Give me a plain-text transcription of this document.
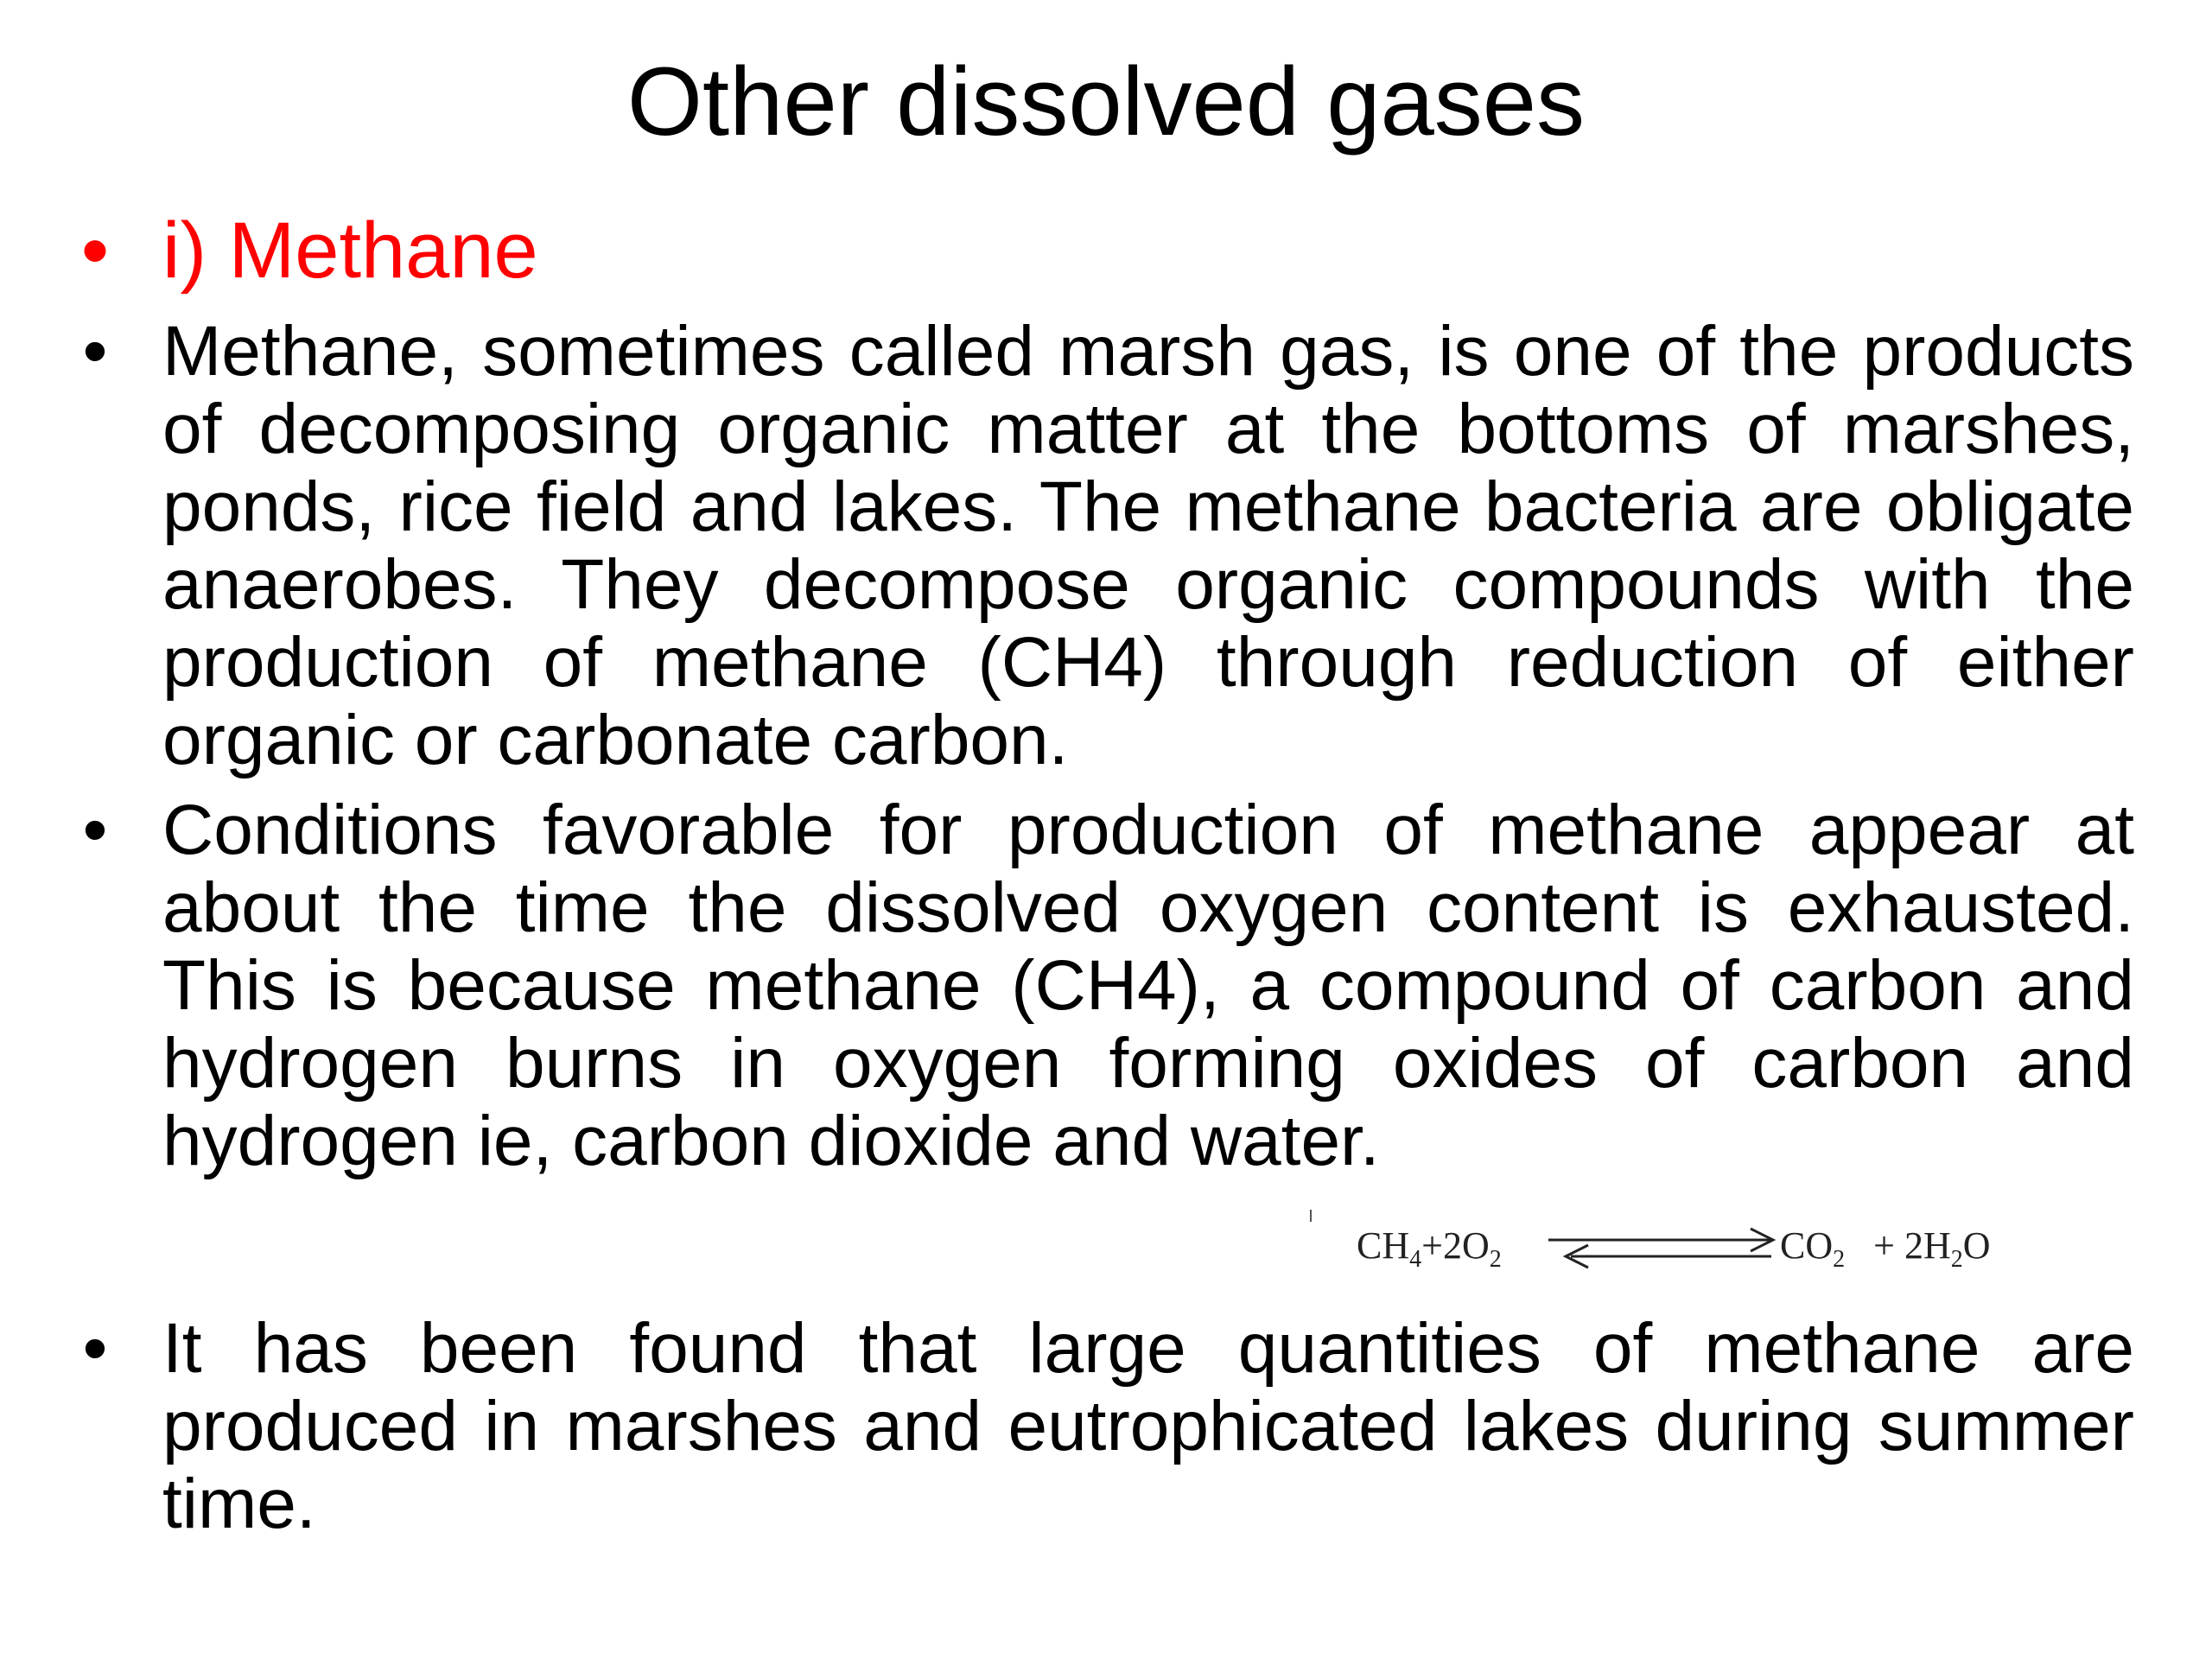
Other dissolved gases
• i) Methane
• Methane, sometimes called marsh gas, is one of the products of decomposing organic matter at the bottoms of marshes, ponds, rice field and lakes. The methane bacteria are obligate anaerobes. They decompose organic compounds with the production of methane (CH4) through reduction of either organic or carbonate carbon.
• Conditions favorable for production of methane appear at about the time the dissolved oxygen content is exhausted. This is because methane (CH4), a compound of carbon and hydrogen burns in oxygen forming oxides of carbon and hydrogen ie, carbon dioxide and water.
• It has been found that large quantities of methane are produced in marshes and eutrophicated lakes during summer time.
$CH_4+2O_2$	$CO_2 + 2H_2O$
